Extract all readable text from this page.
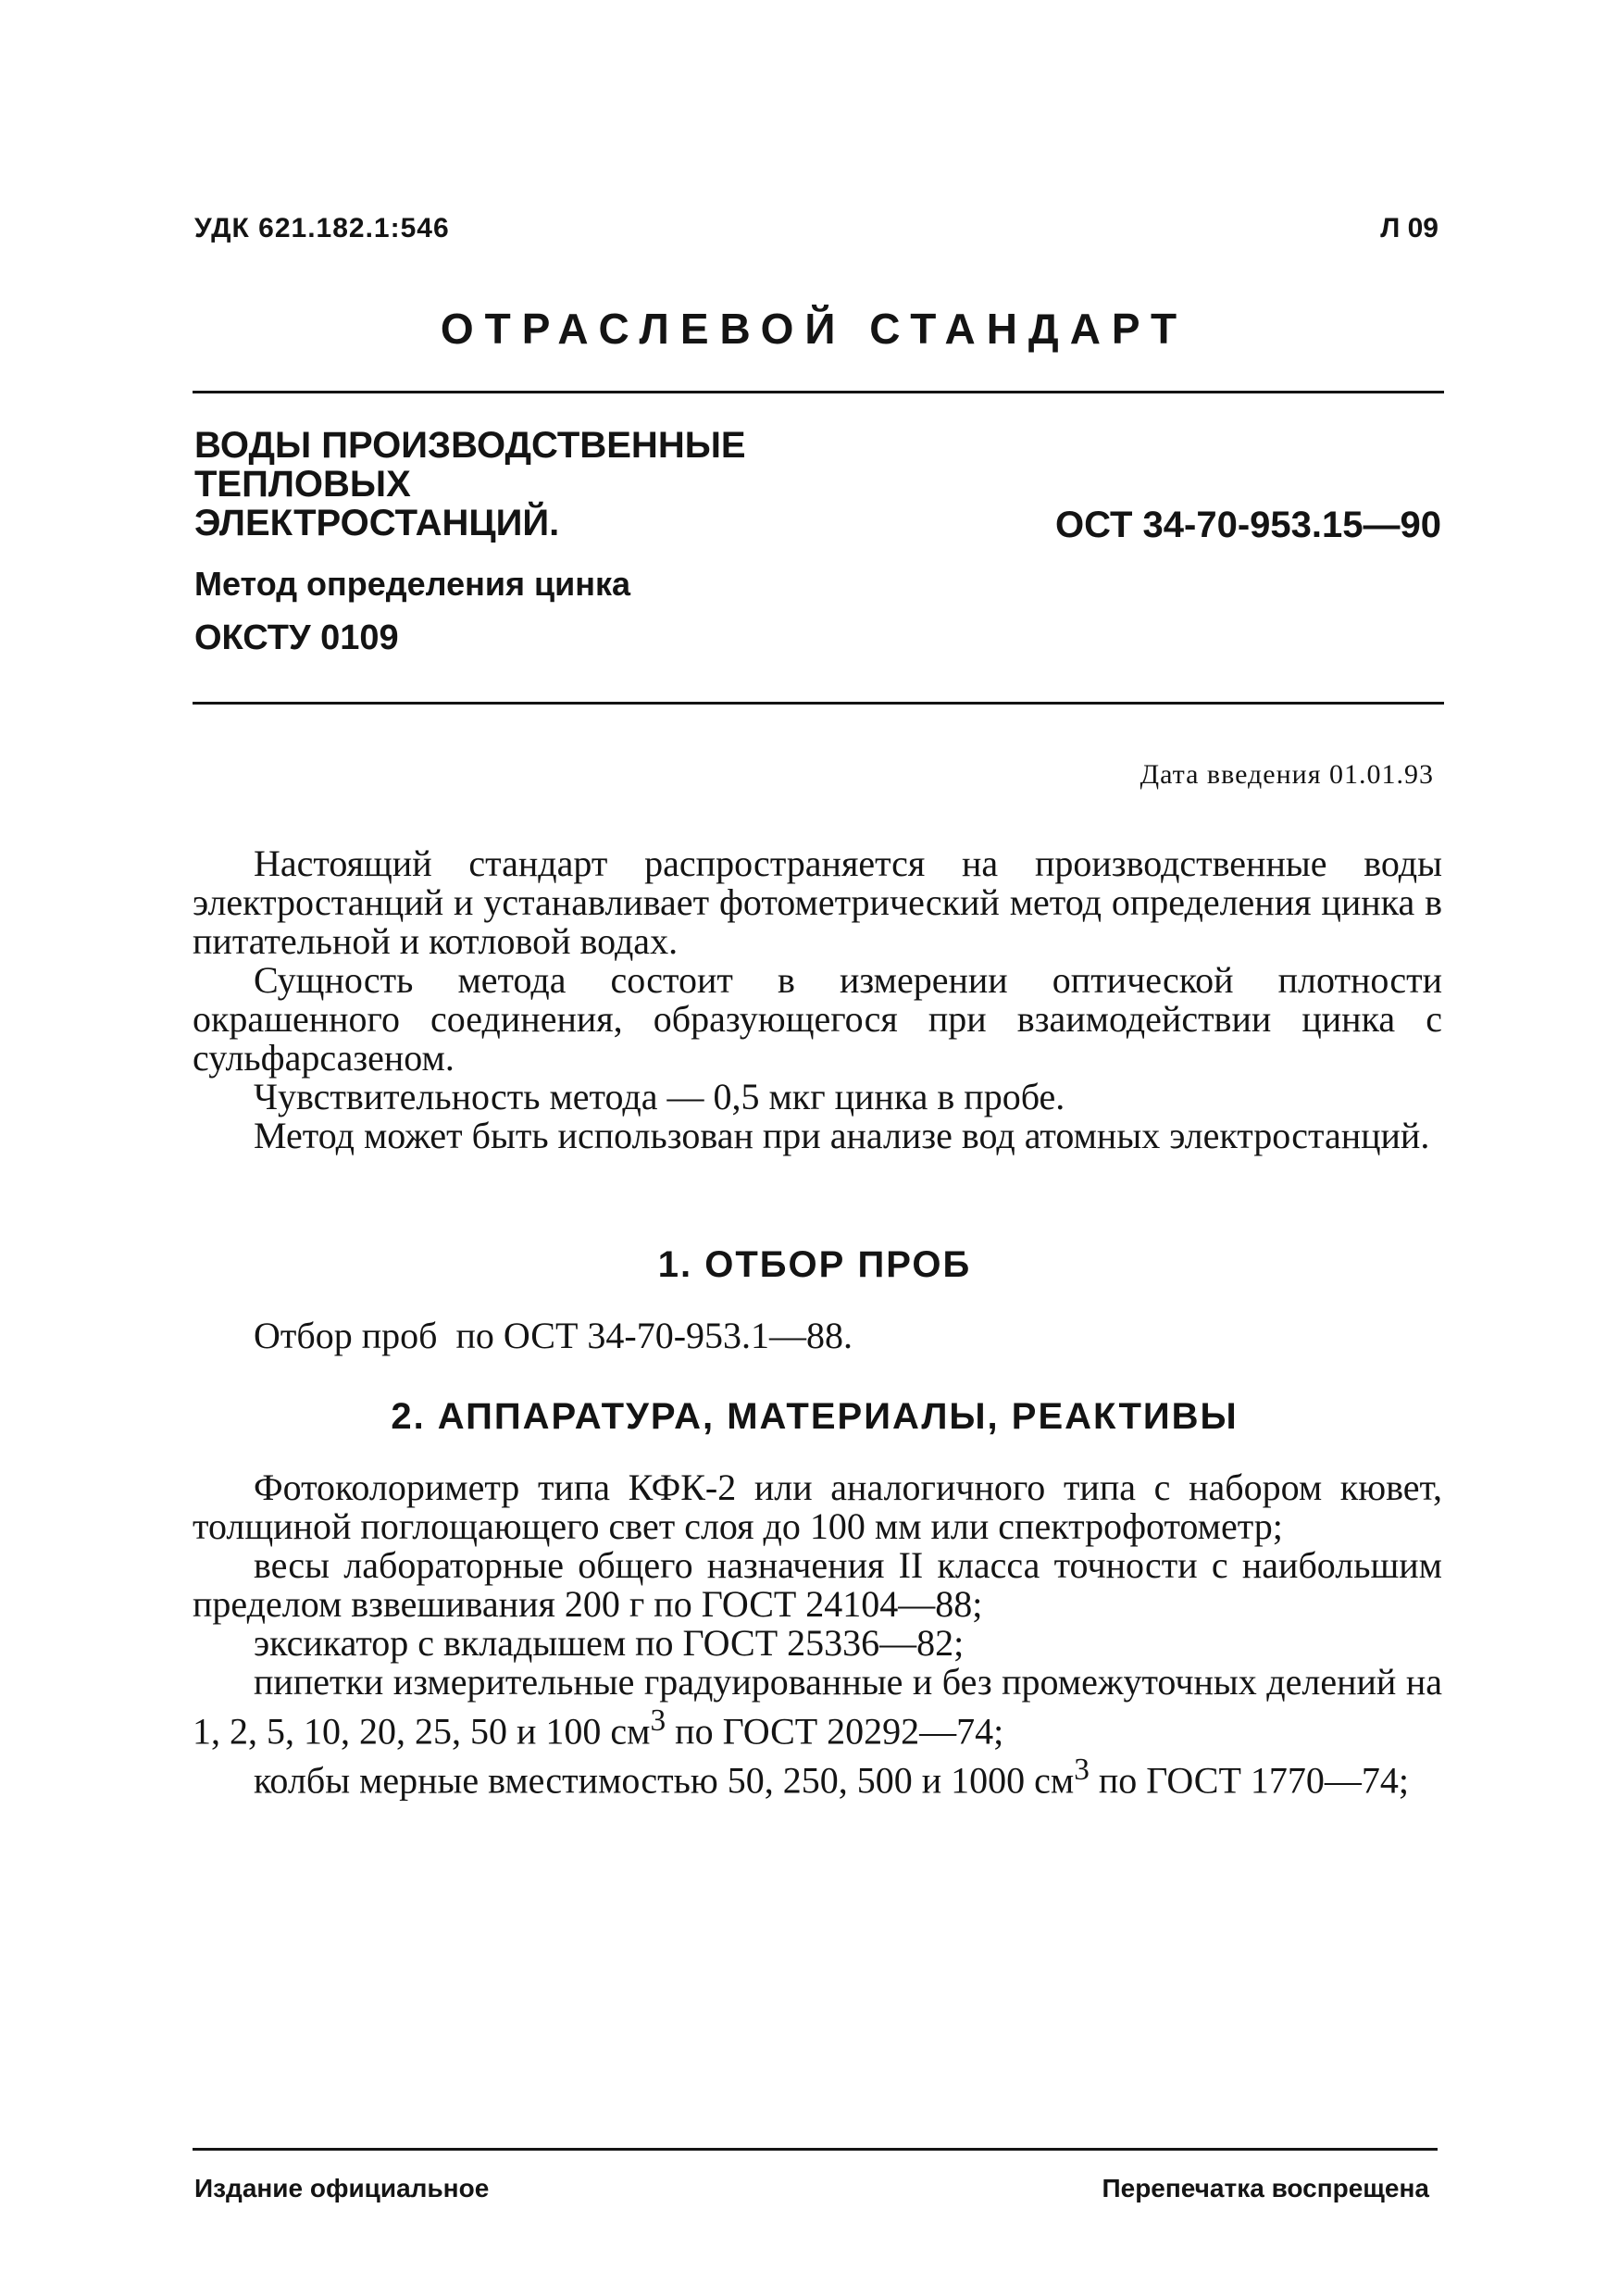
УДК 621.182.1:546	Л 09
ОТРАСЛЕВОЙ СТАНДАРТ
ВОДЫ ПРОИЗВОДСТВЕННЫЕ
ТЕПЛОВЫХ
ЭЛЕКТРОСТАНЦИЙ.	ОСТ 34-70-953.15—90
Метод определения цинка
ОКСТУ 0109
Дата введения 01.01.93

Настоящий стандарт распространяется на производственные воды электростанций и устанавливает фотометрический метод определения цинка в питательной и котловой водах.

Сущность метода состоит в измерении оптической плотности окрашенного соединения, образующегося при взаимодействии цинка с сульфарсазеном.

Чувствительность метода — 0,5 мкг цинка в пробе.

Метод может быть использован при анализе вод атомных электростанций.

1. ОТБОР ПРОБ

Отбор проб  по ОСТ 34-70-953.1—88.

2. АППАРАТУРА, МАТЕРИАЛЫ, РЕАКТИВЫ

Фотоколориметр типа КФК-2 или аналогичного типа с набором кювет, толщиной поглощающего свет слоя до 100 мм или спектрофотометр;

весы лабораторные общего назначения II класса точности с наибольшим пределом взвешивания 200 г по ГОСТ 24104—88;

эксикатор с вкладышем по ГОСТ 25336—82;

пипетки измерительные градуированные и без промежуточных делений на 1, 2, 5, 10, 20, 25, 50 и 100 $см^3$ по ГОСТ 20292—74;

колбы мерные вместимостью 50, 250, 500 и 1000 $см^3$ по ГОСТ 1770—74;

Издание официальное	Перепечатка воспрещена
